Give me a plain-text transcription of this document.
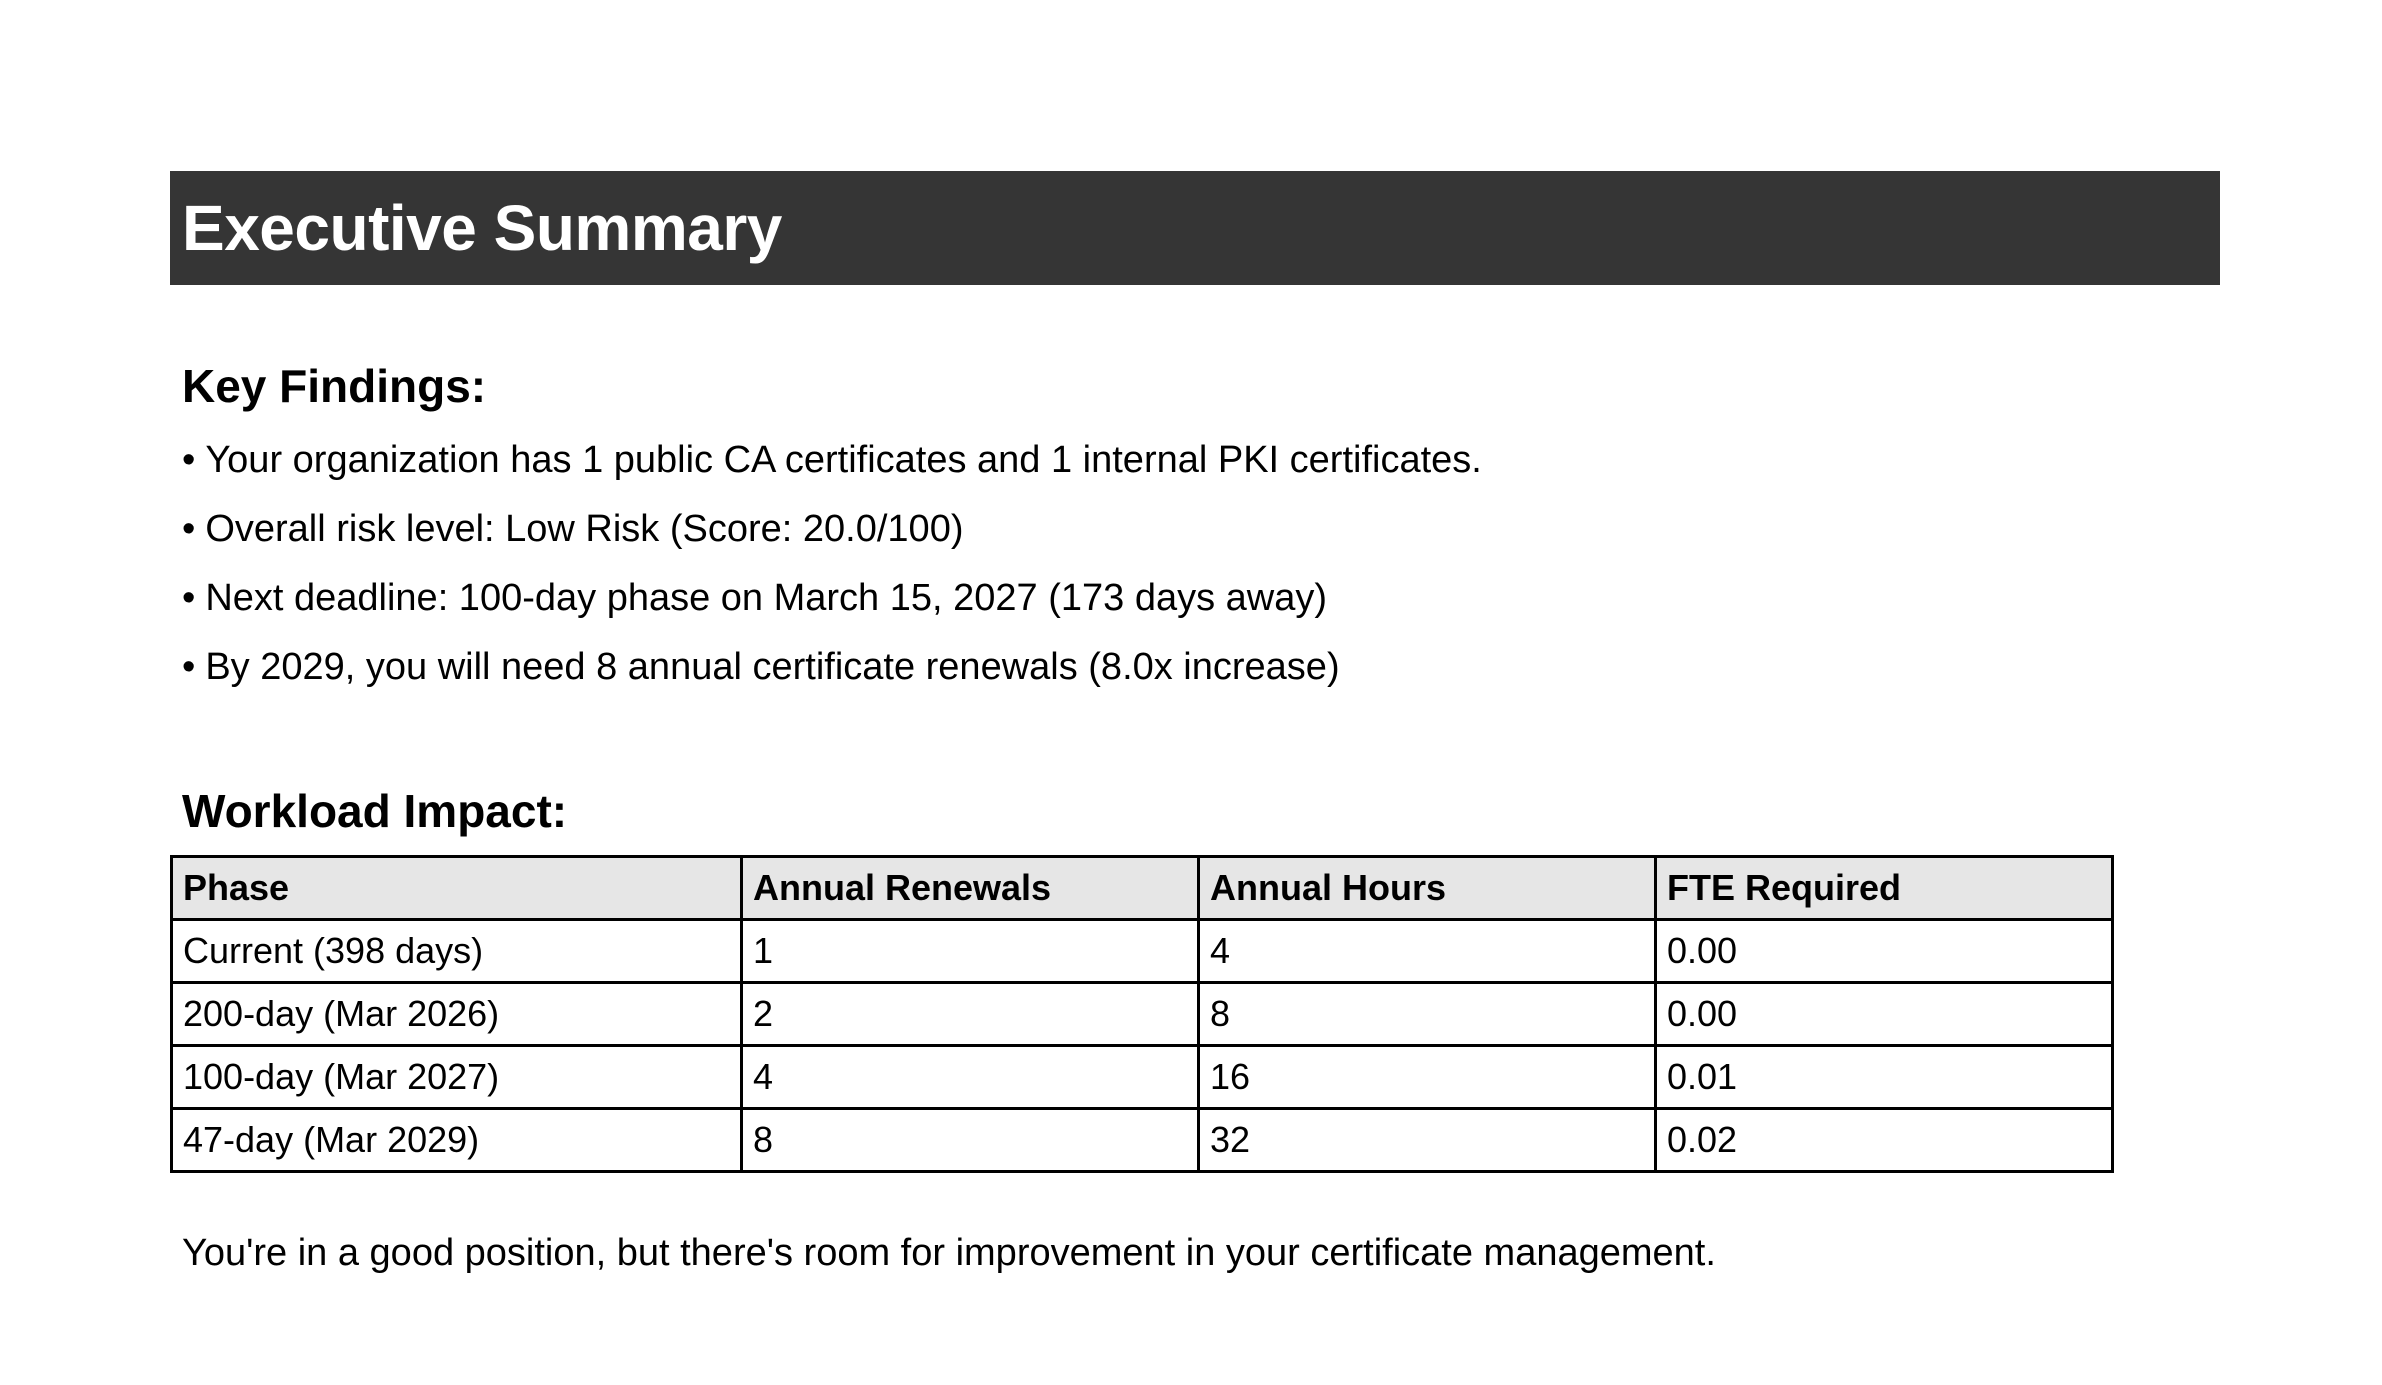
Executive Summary
Key Findings:
• Your organization has 1 public CA certificates and 1 internal PKI certificates.
• Overall risk level: Low Risk (Score: 20.0/100)
• Next deadline: 100-day phase on March 15, 2027 (173 days away)
• By 2029, you will need 8 annual certificate renewals (8.0x increase)
Workload Impact:
Phase	Annual Renewals	Annual Hours	FTE Required
Current (398 days)	1	4	0.00
200-day (Mar 2026)	2	8	0.00
100-day (Mar 2027)	4	16	0.01
47-day (Mar 2029)	8	32	0.02

You're in a good position, but there's room for improvement in your certificate management.
